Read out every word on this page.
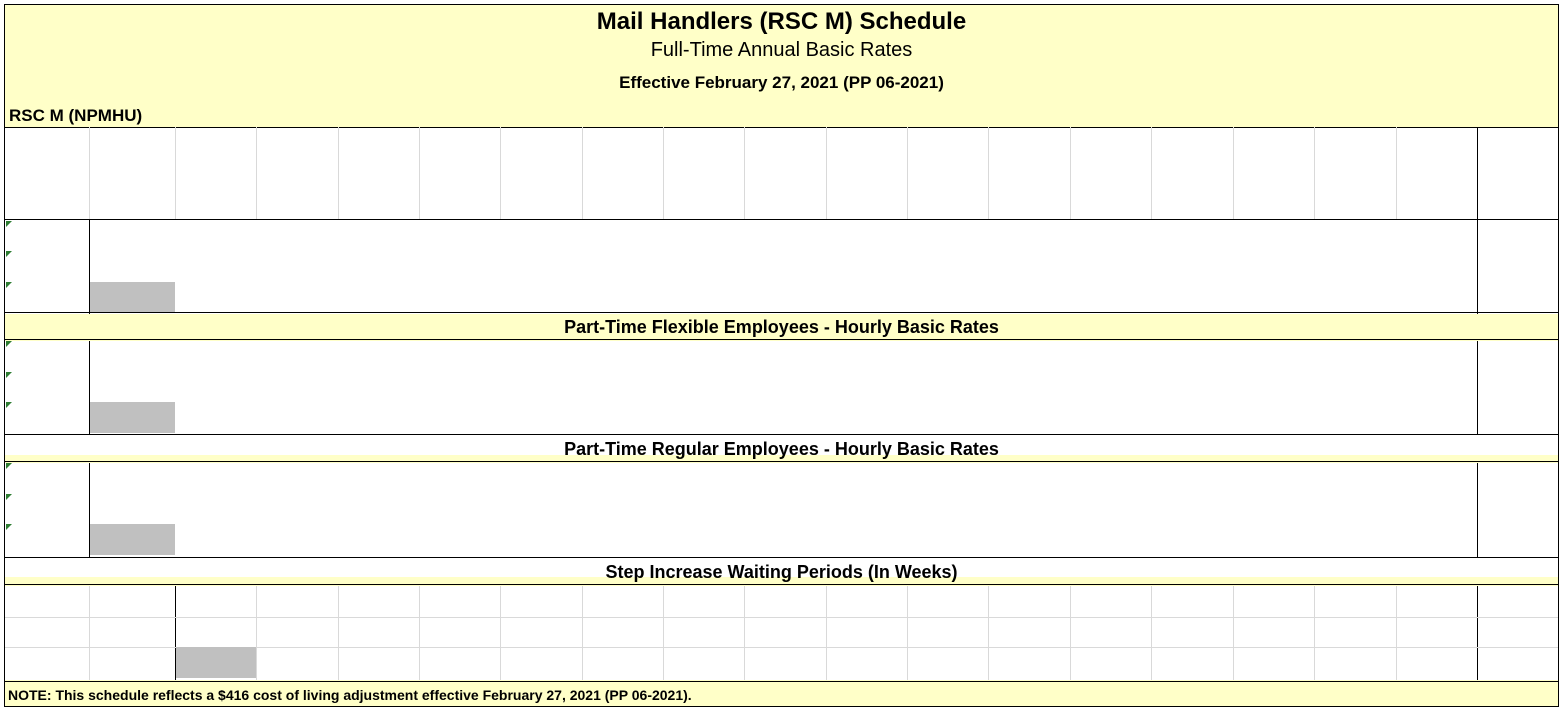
Mail Handlers (RSC M) Schedule
Full-Time Annual Basic Rates
Effective February 27, 2021 (PP 06-2021)
RSC M (NPMHU)
Part-Time Flexible Employees - Hourly Basic Rates
Part-Time Regular Employees - Hourly Basic Rates
Step Increase Waiting Periods (In Weeks)
NOTE: This schedule reflects a $416 cost of living adjustment effective February 27, 2021 (PP 06-2021).
